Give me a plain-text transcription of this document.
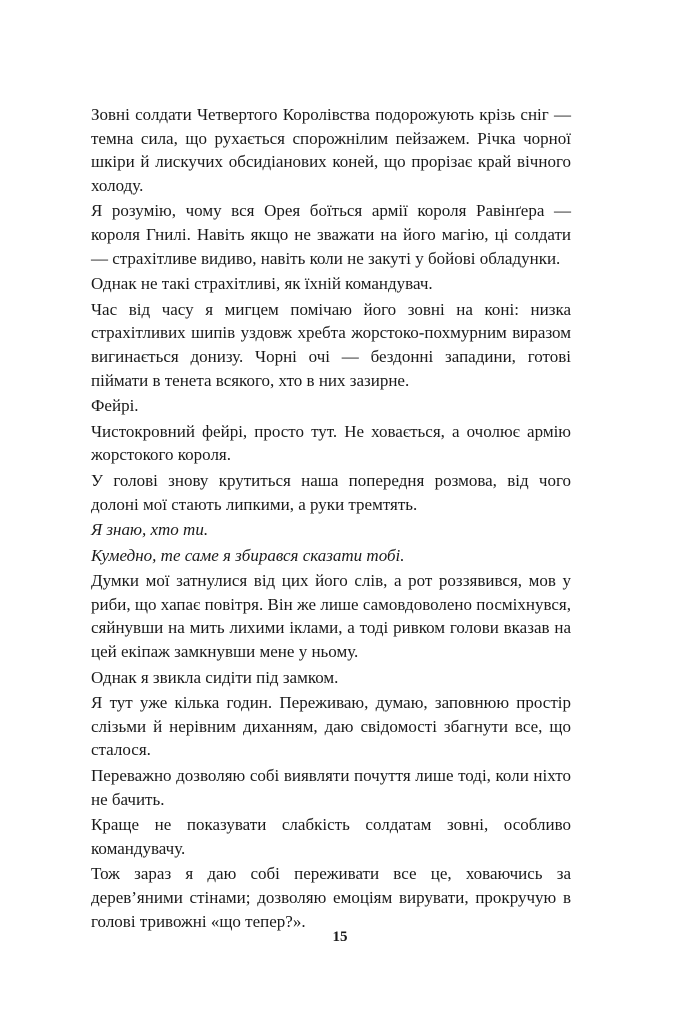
Зовні солдати Четвертого Королівства подорожують крізь сніг — темна сила, що рухається спорожнілим пейзажем. Річка чорної шкіри й лискучих обсидіанових коней, що прорізає край вічного холоду.

Я розумію, чому вся Орея боїться армії короля Равінґера — короля Гнилі. Навіть якщо не зважати на його магію, ці солдати — страхітливе видиво, навіть коли не закуті у бойові обладунки.

Однак не такі страхітливі, як їхній командувач.

Час від часу я мигцем помічаю його зовні на коні: низка страхітливих шипів уздовж хребта жорстоко-похмурним виразом вигинається донизу. Чорні очі — бездонні западини, готові піймати в тенета всякого, хто в них зазирне.

Фейрі.

Чистокровний фейрі, просто тут. Не ховається, а очолює армію жорстокого короля.

У голові знову крутиться наша попередня розмова, від чого долоні мої стають липкими, а руки тремтять.

Я знаю, хто ти.

Кумедно, те саме я збирався сказати тобі.

Думки мої затнулися від цих його слів, а рот роззявився, мов у риби, що хапає повітря. Він же лише самовдоволено посміхнувся, сяйнувши на мить лихими іклами, а тоді ривком голови вказав на цей екіпаж замкнувши мене у ньому.

Однак я звикла сидіти під замком.

Я тут уже кілька годин. Переживаю, думаю, заповнюю простір слізьми й нерівним диханням, даю свідомості збагнути все, що сталося.

Переважно дозволяю собі виявляти почуття лише тоді, коли ніхто не бачить.

Краще не показувати слабкість солдатам зовні, особливо командувачу.

Тож зараз я даю собі переживати все це, ховаючись за дерев’яними стінами; дозволяю емоціям вирувати, прокручую в голові тривожні «що тепер?».

15
